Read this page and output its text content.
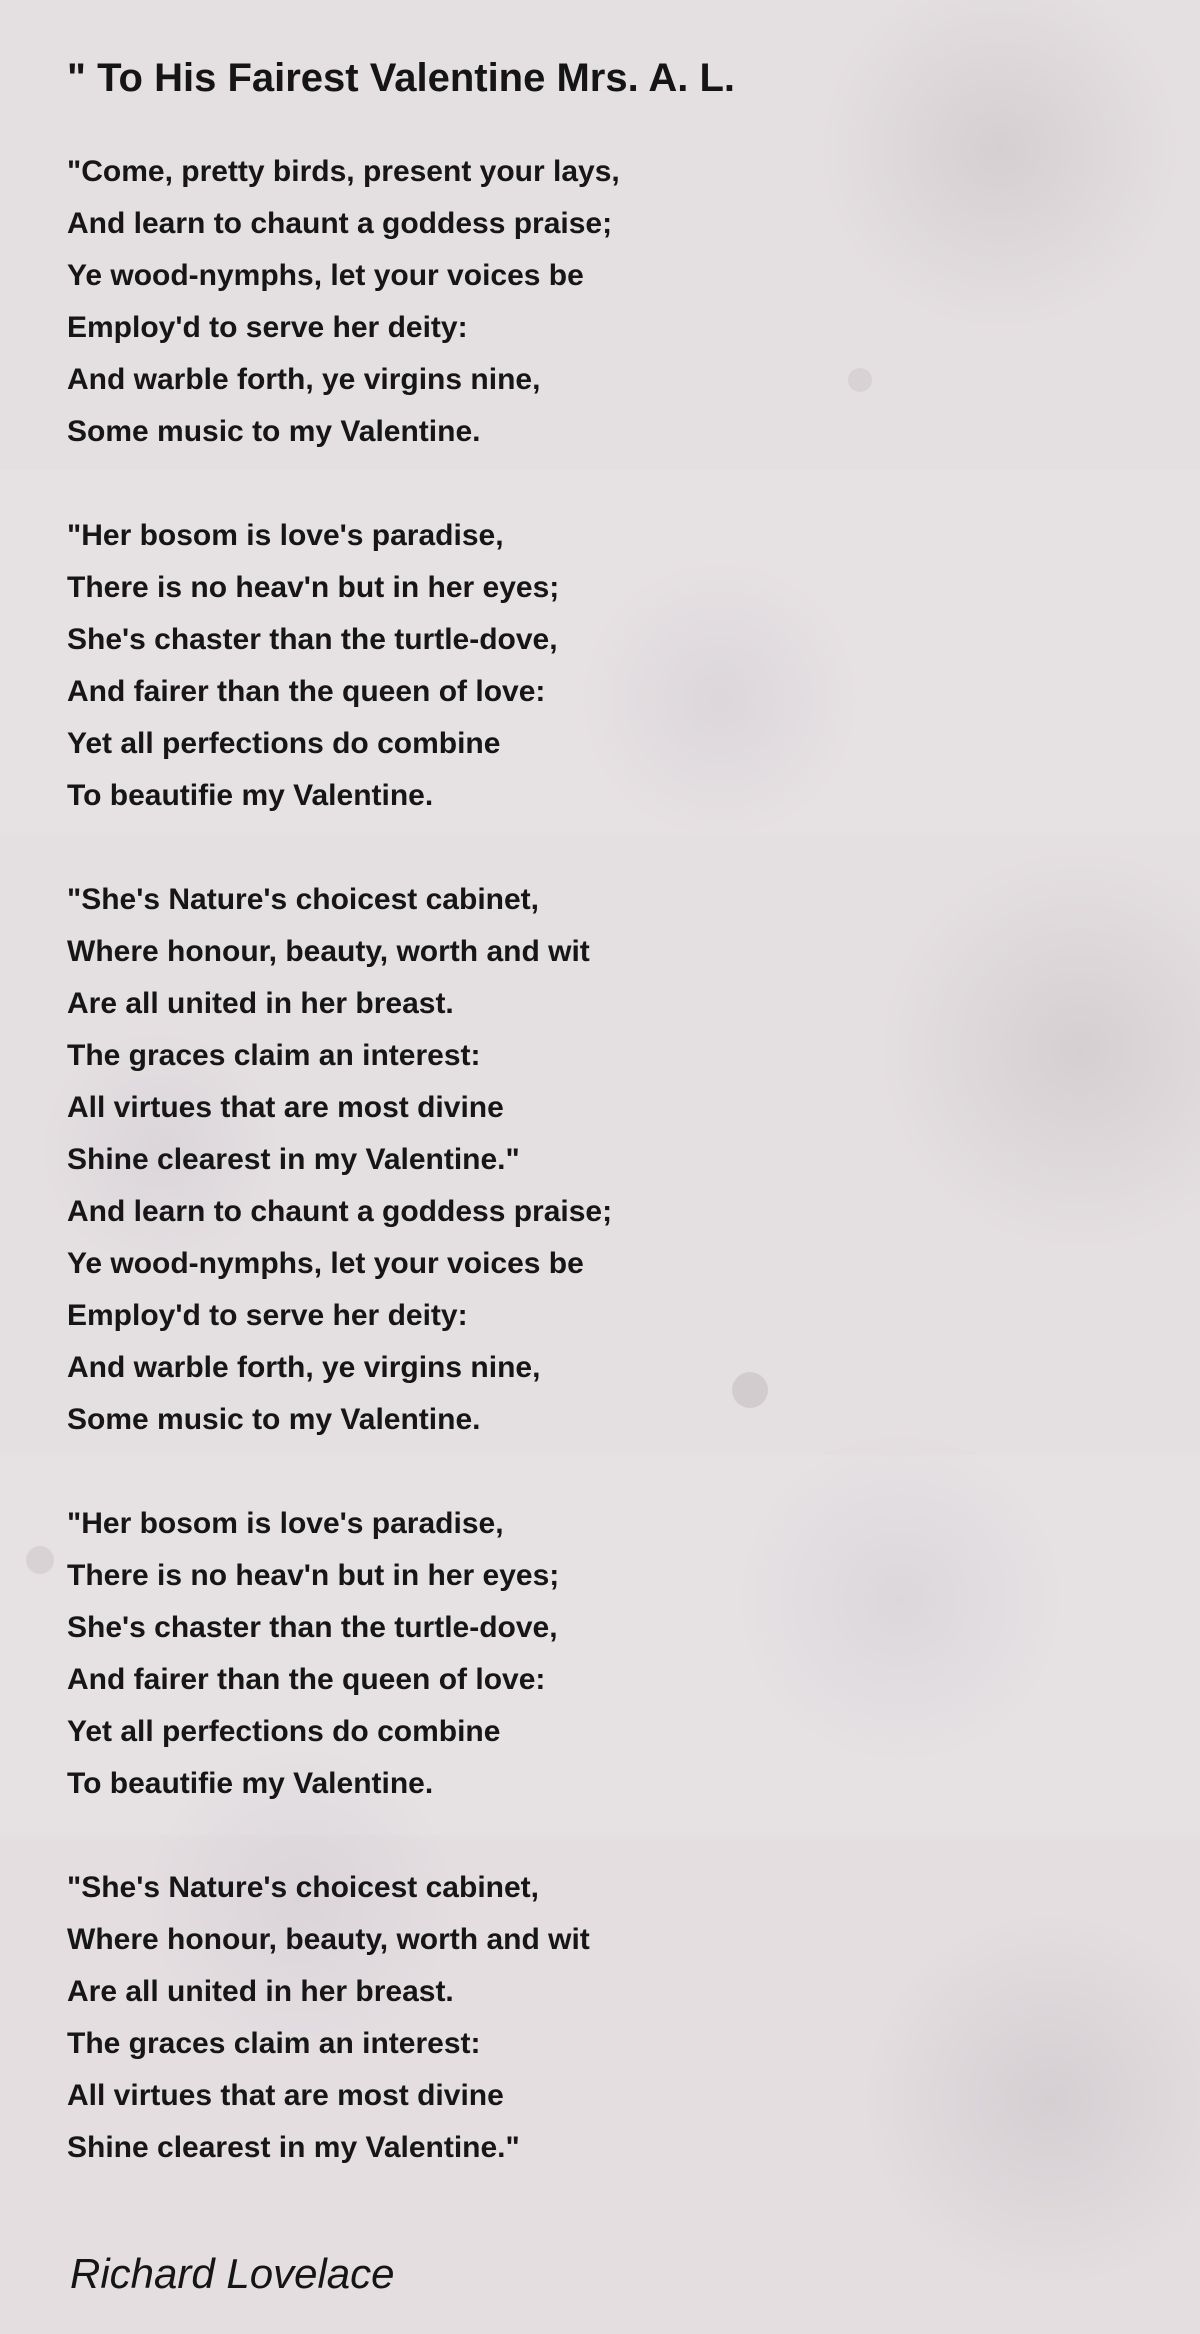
" To His Fairest Valentine Mrs. A. L.
"Come, pretty birds, present your lays,
And learn to chaunt a goddess praise;
Ye wood-nymphs, let your voices be
Employ'd to serve her deity:
And warble forth, ye virgins nine,
Some music to my Valentine.
"Her bosom is love's paradise,
There is no heav'n but in her eyes;
She's chaster than the turtle-dove,
And fairer than the queen of love:
Yet all perfections do combine
To beautifie my Valentine.
"She's Nature's choicest cabinet,
Where honour, beauty, worth and wit
Are all united in her breast.
The graces claim an interest:
All virtues that are most divine
Shine clearest in my Valentine."
And learn to chaunt a goddess praise;
Ye wood-nymphs, let your voices be
Employ'd to serve her deity:
And warble forth, ye virgins nine,
Some music to my Valentine.
"Her bosom is love's paradise,
There is no heav'n but in her eyes;
She's chaster than the turtle-dove,
And fairer than the queen of love:
Yet all perfections do combine
To beautifie my Valentine.
"She's Nature's choicest cabinet,
Where honour, beauty, worth and wit
Are all united in her breast.
The graces claim an interest:
All virtues that are most divine
Shine clearest in my Valentine."
Richard Lovelace
